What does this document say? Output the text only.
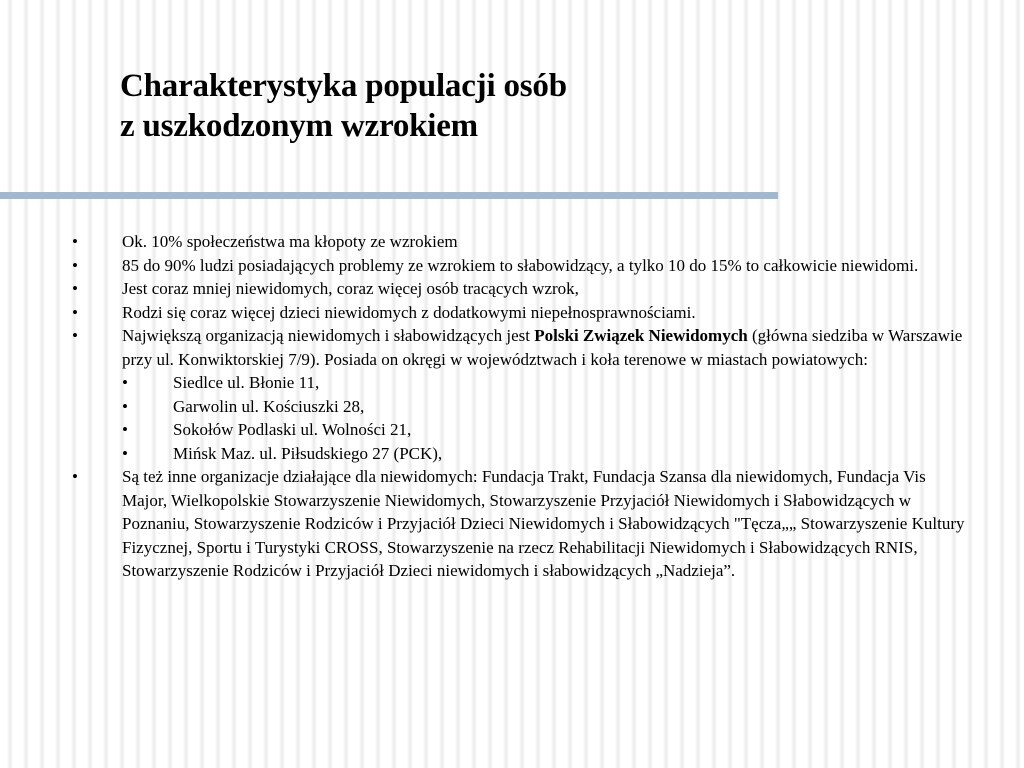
Charakterystyka populacji osób
z uszkodzonym wzrokiem

•	Ok. 10% społeczeństwa ma kłopoty ze wzrokiem

•	85 do 90% ludzi posiadających problemy ze wzrokiem to słabowidzący, a tylko 10 do 15% to całkowicie niewidomi.

•	Jest coraz mniej niewidomych, coraz więcej osób tracących wzrok,

•	Rodzi się coraz więcej dzieci niewidomych z dodatkowymi niepełnosprawnościami.

•	Największą organizacją niewidomych i słabowidzących jest Polski Związek Niewidomych (główna siedziba w Warszawie przy ul. Konwiktorskiej 7/9). Posiada on okręgi w województwach i koła terenowe w miastach powiatowych:
•	Siedlce ul. Błonie 11,
•	Garwolin ul. Kościuszki 28,
•	Sokołów Podlaski ul. Wolności 21,
•	Mińsk Maz. ul. Piłsudskiego 27 (PCK),

•	Są też inne organizacje działające dla niewidomych: Fundacja Trakt, Fundacja Szansa dla niewidomych, Fundacja Vis Major, Wielkopolskie Stowarzyszenie Niewidomych, Stowarzyszenie Przyjaciół Niewidomych i Słabowidzących w Poznaniu, Stowarzyszenie Rodziców i Przyjaciół Dzieci Niewidomych i Słabowidzących "Tęcza„„ Stowarzyszenie Kultury Fizycznej, Sportu i Turystyki CROSS, Stowarzyszenie na rzecz Rehabilitacji Niewidomych i Słabowidzących RNIS, Stowarzyszenie Rodziców i Przyjaciół Dzieci niewidomych i słabowidzących „Nadzieja”.
